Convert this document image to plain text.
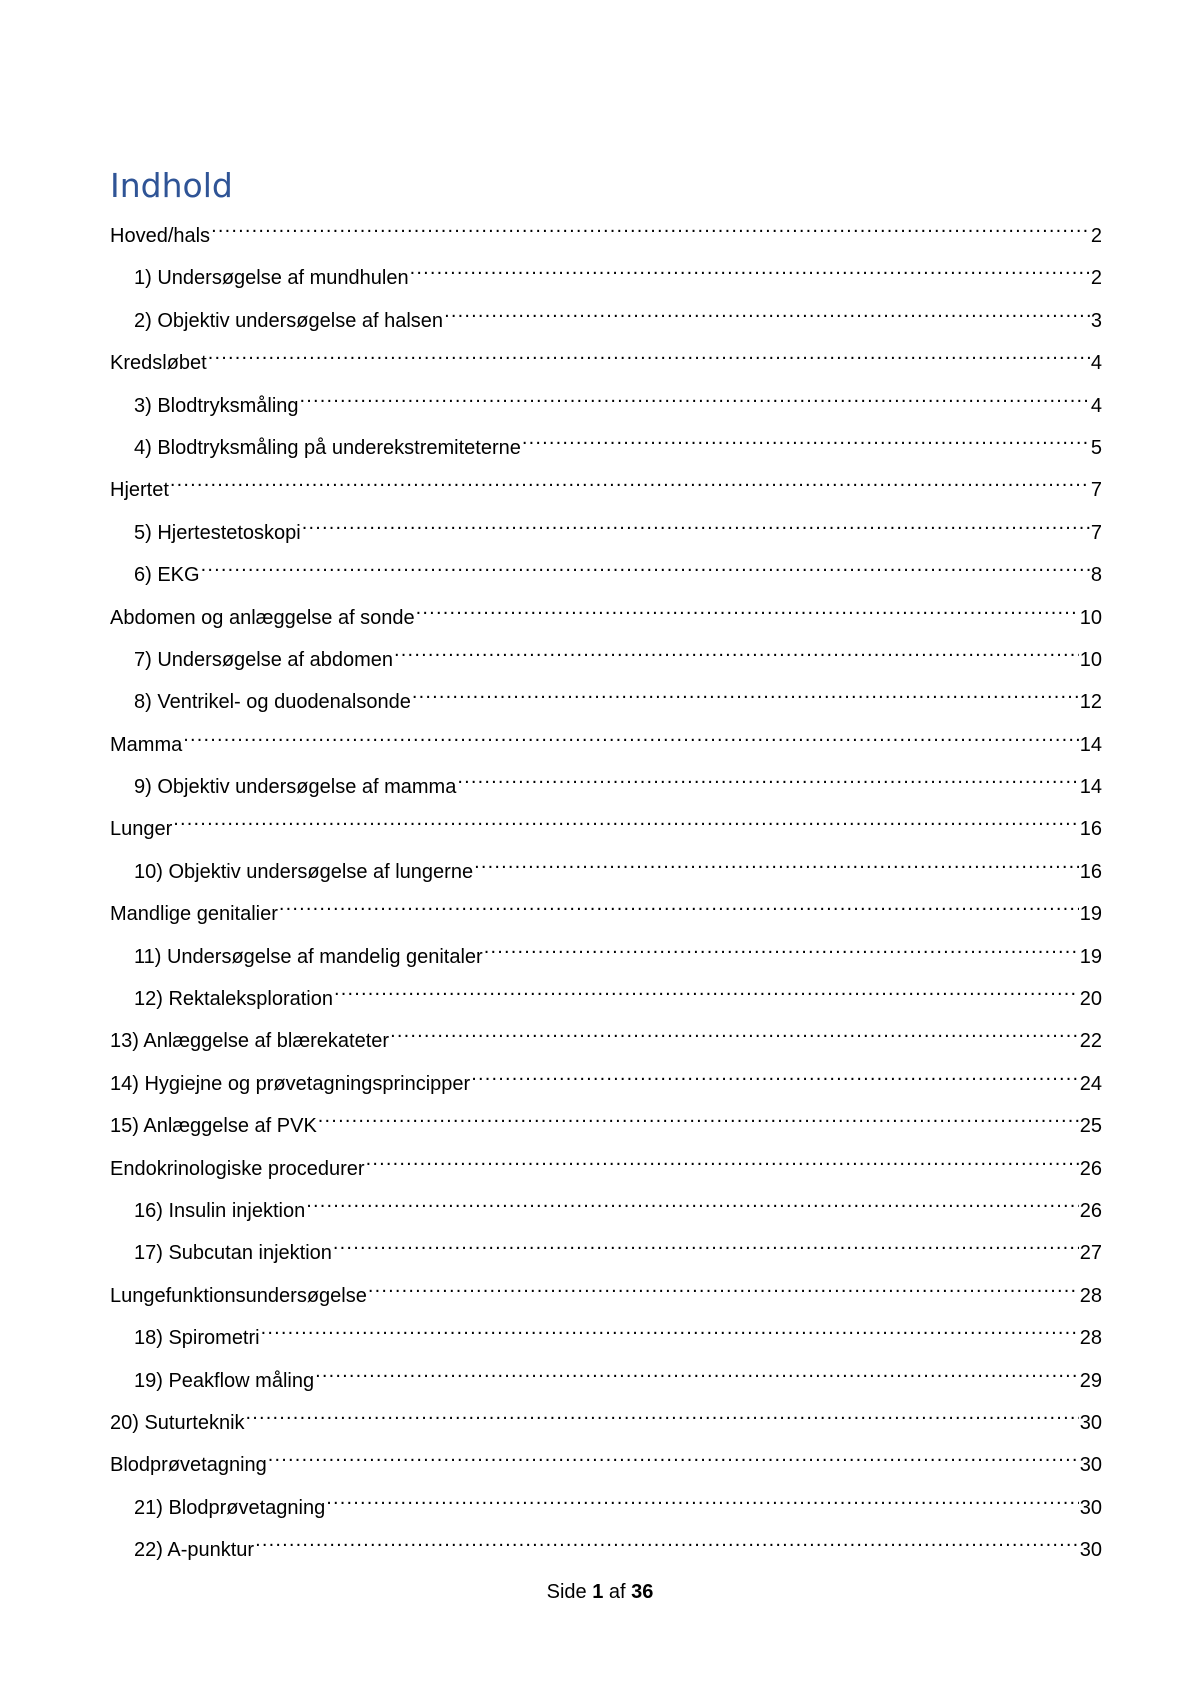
Indhold
Hoved/hals .....	2
1) Undersøgelse af mundhulen .....	2
2) Objektiv undersøgelse af halsen .....	3
Kredsløbet .....	4
3) Blodtryksmåling .....	4
4) Blodtryksmåling på underekstremiteterne .....	5
Hjertet .....	7
5) Hjertestetoskopi .....	7
6) EKG .....	8
Abdomen og anlæggelse af sonde .....	10
7) Undersøgelse af abdomen .....	10
8) Ventrikel- og duodenalsonde .....	12
Mamma .....	14
9) Objektiv undersøgelse af mamma .....	14
Lunger .....	16
10) Objektiv undersøgelse af lungerne .....	16
Mandlige genitalier .....	19
11) Undersøgelse af mandelig genitaler .....	19
12) Rektaleksploration .....	20
13) Anlæggelse af blærekateter .....	22
14) Hygiejne og prøvetagningsprincipper .....	24
15) Anlæggelse af PVK .....	25
Endokrinologiske procedurer .....	26
16) Insulin injektion .....	26
17) Subcutan injektion .....	27
Lungefunktionsundersøgelse .....	28
18) Spirometri .....	28
19) Peakflow måling .....	29
20) Suturteknik .....	30
Blodprøvetagning .....	30
21) Blodprøvetagning .....	30
22) A-punktur .....	30
Side 1 af 36
